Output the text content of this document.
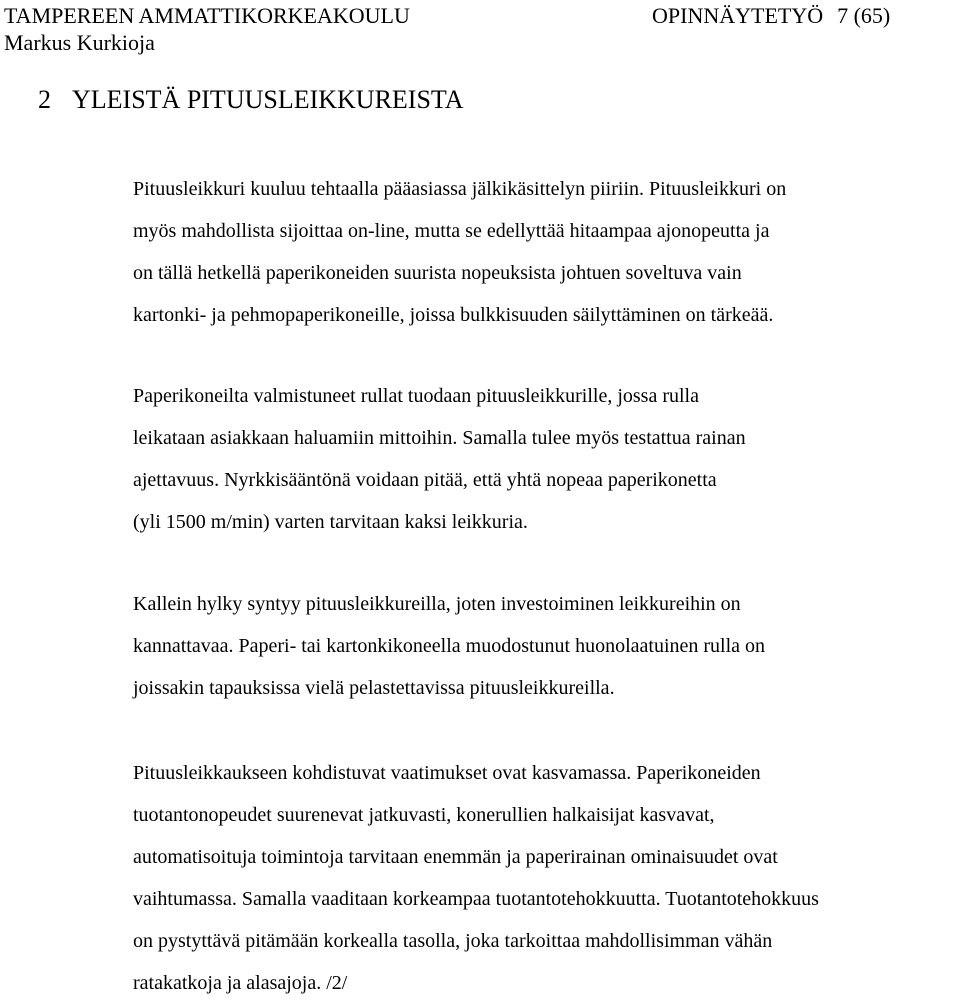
TAMPEREEN AMMATTIKORKEAKOULU
Markus Kurkioja
OPINNÄYTETYÖ 7 (65)
2 YLEISTÄ PITUUSLEIKKUREISTA
Pituusleikkuri kuuluu tehtaalla pääasiassa jälkikäsittelyn piiriin. Pituusleikkuri on
myös mahdollista sijoittaa on-line, mutta se edellyttää hitaampaa ajonopeutta ja
on tällä hetkellä paperikoneiden suurista nopeuksista johtuen soveltuva vain
kartonki- ja pehmopaperikoneille, joissa bulkkisuuden säilyttäminen on tärkeää.
Paperikoneilta valmistuneet rullat tuodaan pituusleikkurille, jossa rulla
leikataan asiakkaan haluamiin mittoihin. Samalla tulee myös testattua rainan
ajettavuus. Nyrkkisääntönä voidaan pitää, että yhtä nopeaa paperikonetta
(yli 1500 m/min) varten tarvitaan kaksi leikkuria.
Kallein hylky syntyy pituusleikkureilla, joten investoiminen leikkureihin on
kannattavaa. Paperi- tai kartonkikoneella muodostunut huonolaatuinen rulla on
joissakin tapauksissa vielä pelastettavissa pituusleikkureilla.
Pituusleikkaukseen kohdistuvat vaatimukset ovat kasvamassa. Paperikoneiden
tuotantonopeudet suurenevat jatkuvasti, konerullien halkaisijat kasvavat,
automatisoituja toimintoja tarvitaan enemmän ja paperirainan ominaisuudet ovat
vaihtumassa. Samalla vaaditaan korkeampaa tuotantotehokkuutta. Tuotantotehokkuus
on pystyttävä pitämään korkealla tasolla, joka tarkoittaa mahdollisimman vähän
ratakatkoja ja alasajoja. /2/
